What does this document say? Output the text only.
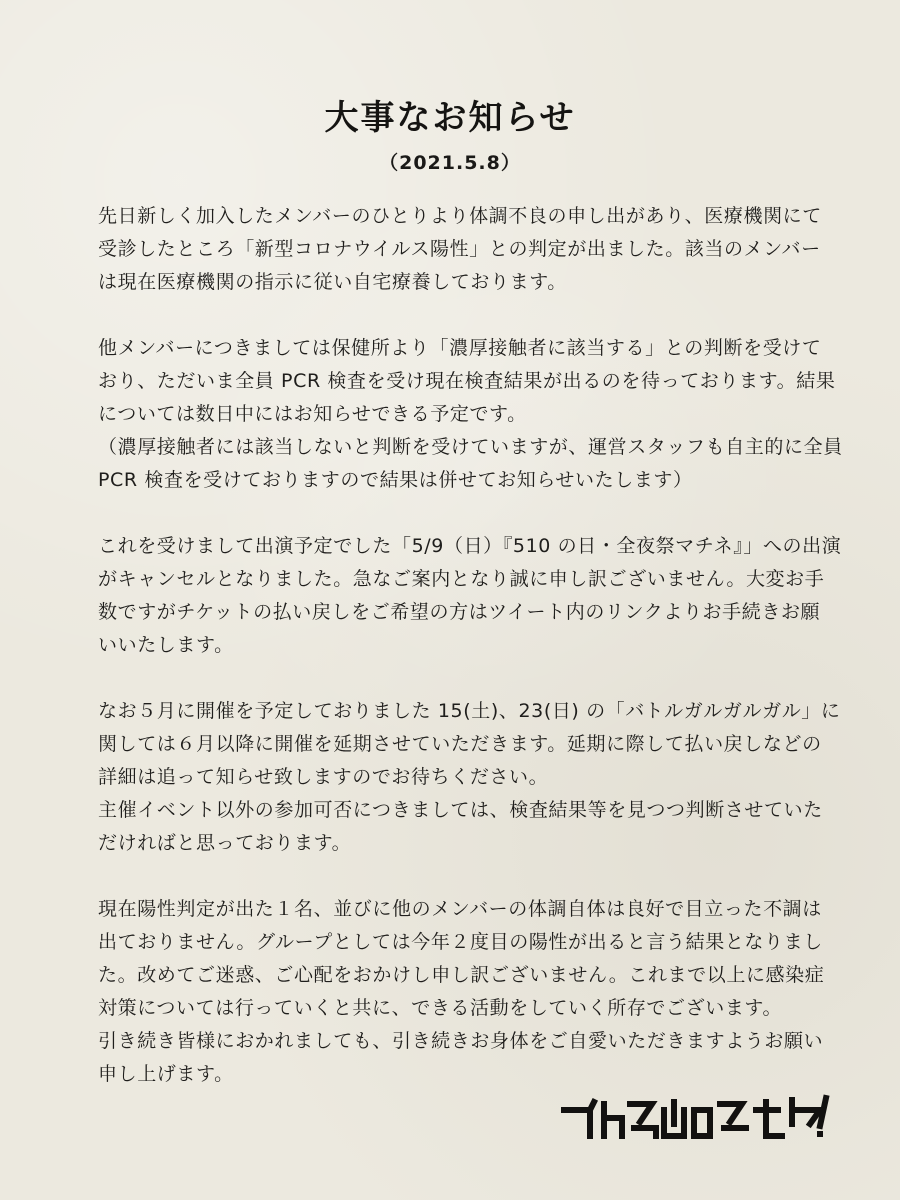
大事なお知らせ
（2021.5.8）
先日新しく加入したメンバーのひとりより体調不良の申し出があり、医療機関にて
受診したところ「新型コロナウイルス陽性」との判定が出ました。該当のメンバー
は現在医療機関の指示に従い自宅療養しております。
他メンバーにつきましては保健所より「濃厚接触者に該当する」との判断を受けて
おり、ただいま全員 PCR 検査を受け現在検査結果が出るのを待っております。結果
については数日中にはお知らせできる予定です。
（濃厚接触者には該当しないと判断を受けていますが、運営スタッフも自主的に全員
PCR 検査を受けておりますので結果は併せてお知らせいたします）
これを受けまして出演予定でした「5/9（日）『510 の日・全夜祭マチネ』」への出演
がキャンセルとなりました。急なご案内となり誠に申し訳ございません。大変お手
数ですがチケットの払い戻しをご希望の方はツイート内のリンクよりお手続きお願
いいたします。
なお５月に開催を予定しておりました 15(土)、23(日) の「バトルガルガルガル」に
関しては６月以降に開催を延期させていただきます。延期に際して払い戻しなどの
詳細は追って知らせ致しますのでお待ちください。
主催イベント以外の参加可否につきましては、検査結果等を見つつ判断させていた
だければと思っております。
現在陽性判定が出た１名、並びに他のメンバーの体調自体は良好で目立った不調は
出ておりません。グループとしては今年２度目の陽性が出ると言う結果となりまし
た。改めてご迷惑、ご心配をおかけし申し訳ございません。これまで以上に感染症
対策については行っていくと共に、できる活動をしていく所存でございます。
引き続き皆様におかれましても、引き続きお身体をご自愛いただきますようお願い
申し上げます。
